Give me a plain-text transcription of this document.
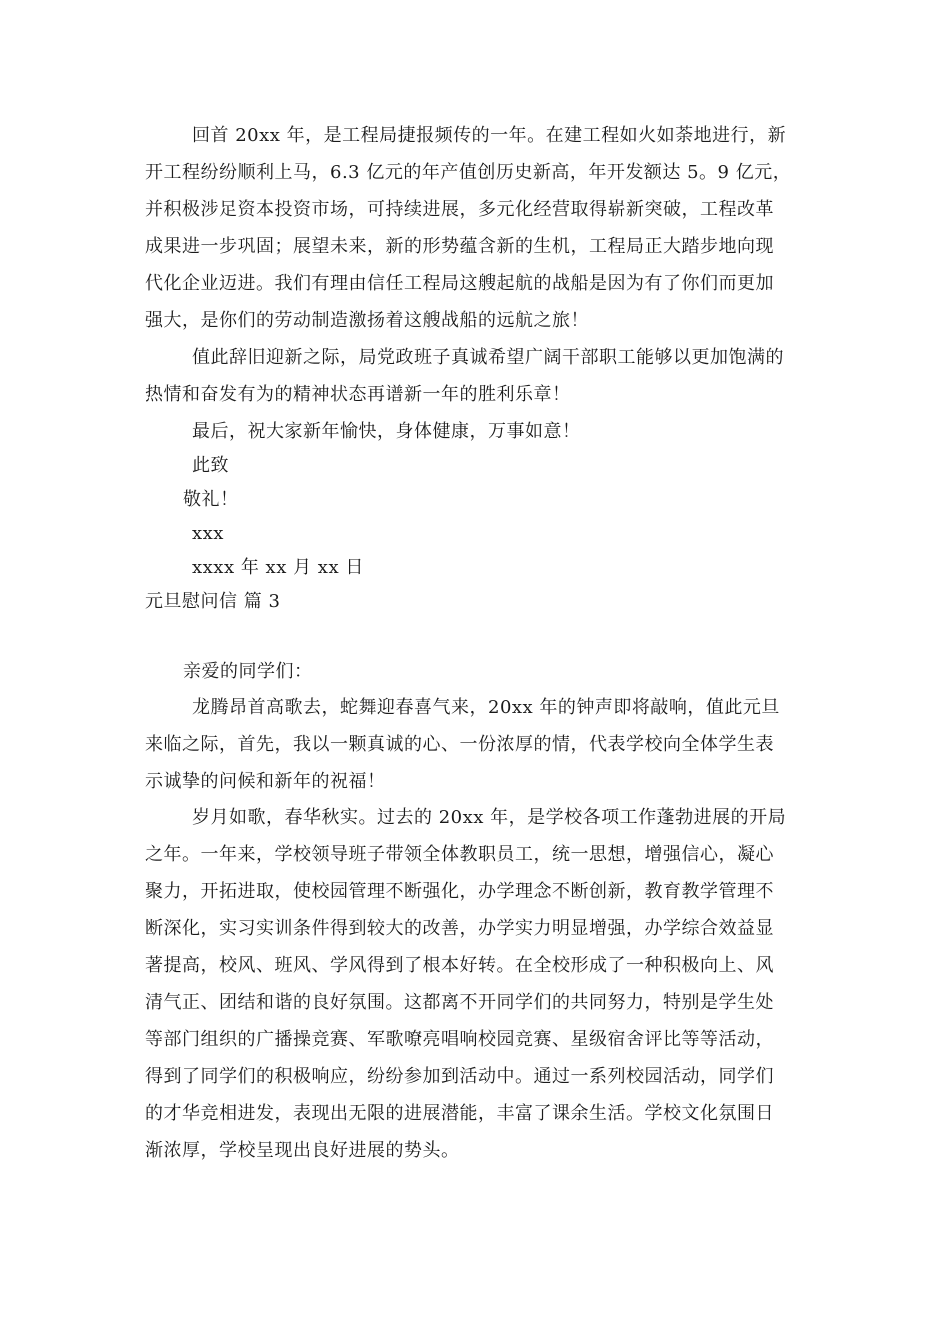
回首 20xx 年，是工程局捷报频传的一年。在建工程如火如荼地进行，新
开工程纷纷顺利上马，6.3 亿元的年产值创历史新高，年开发额达 5。9 亿元，
并积极涉足资本投资市场，可持续进展，多元化经营取得崭新突破，工程改革
成果进一步巩固；展望未来，新的形势蕴含新的生机，工程局正大踏步地向现
代化企业迈进。我们有理由信任工程局这艘起航的战船是因为有了你们而更加
强大，是你们的劳动制造激扬着这艘战船的远航之旅！
值此辞旧迎新之际，局党政班子真诚希望广阔干部职工能够以更加饱满的
热情和奋发有为的精神状态再谱新一年的胜利乐章！
最后，祝大家新年愉快，身体健康，万事如意！
此致
敬礼！
xxx
xxxx 年 xx 月 xx 日
元旦慰问信 篇 3
亲爱的同学们：
龙腾昂首高歌去，蛇舞迎春喜气来，20xx 年的钟声即将敲响，值此元旦
来临之际，首先，我以一颗真诚的心、一份浓厚的情，代表学校向全体学生表
示诚挚的问候和新年的祝福！
岁月如歌，春华秋实。过去的 20xx 年，是学校各项工作蓬勃进展的开局
之年。一年来，学校领导班子带领全体教职员工，统一思想，增强信心，凝心
聚力，开拓进取，使校园管理不断强化，办学理念不断创新，教育教学管理不
断深化，实习实训条件得到较大的改善，办学实力明显增强，办学综合效益显
著提高，校风、班风、学风得到了根本好转。在全校形成了一种积极向上、风
清气正、团结和谐的良好氛围。这都离不开同学们的共同努力，特别是学生处
等部门组织的广播操竞赛、军歌嘹亮唱响校园竞赛、星级宿舍评比等等活动，
得到了同学们的积极响应，纷纷参加到活动中。通过一系列校园活动，同学们
的才华竞相进发，表现出无限的进展潜能，丰富了课余生活。学校文化氛围日
渐浓厚，学校呈现出良好进展的势头。
